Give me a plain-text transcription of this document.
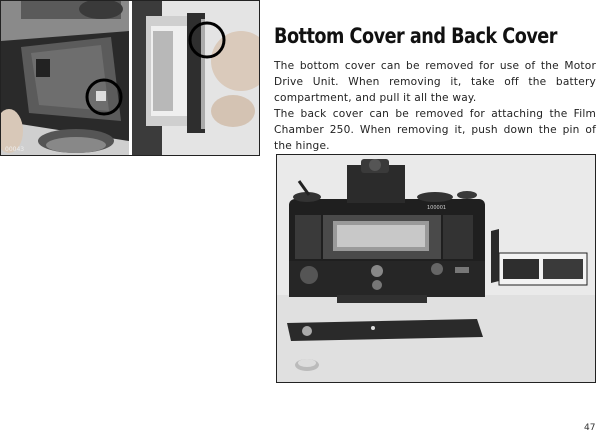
00043
Bottom Cover and Back Cover

The bottom cover can be removed for use of the Motor Drive Unit. When removing it, take off the battery compartment, and pull it all the way.

The back cover can be removed for attaching the Film Chamber 250. When removing it, push down the pin of the hinge.

100001
47
